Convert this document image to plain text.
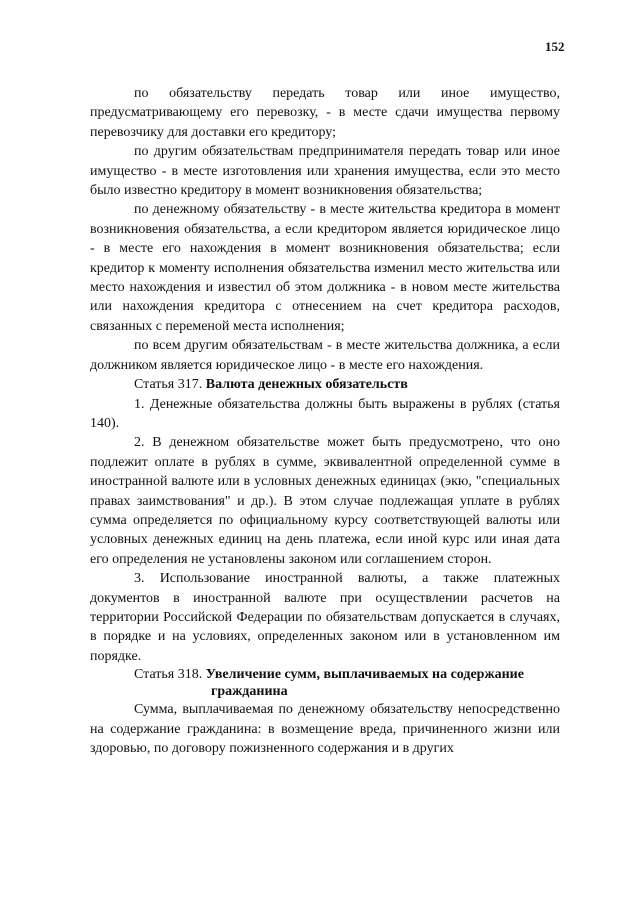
152

по обязательству передать товар или иное имущество, предусматривающему его перевозку, - в месте сдачи имущества первому перевозчику для доставки его кредитору;

по другим обязательствам предпринимателя передать товар или иное имущество - в месте изготовления или хранения имущества, если это место было известно кредитору в момент возникновения обязательства;

по денежному обязательству - в месте жительства кредитора в момент возникновения обязательства, а если кредитором является юридическое лицо - в месте его нахождения в момент возникновения обязательства; если кредитор к моменту исполнения обязательства изменил место жительства или место нахождения и известил об этом должника - в новом месте жительства или нахождения кредитора с отнесением на счет кредитора расходов, связанных с переменой места исполнения;

по всем другим обязательствам - в месте жительства должника, а если должником является юридическое лицо - в месте его нахождения.

Статья 317. Валюта денежных обязательств

1. Денежные обязательства должны быть выражены в рублях (статья 140).

2. В денежном обязательстве может быть предусмотрено, что оно подлежит оплате в рублях в сумме, эквивалентной определенной сумме в иностранной валюте или в условных денежных единицах (экю, "специальных правах заимствования" и др.). В этом случае подлежащая уплате в рублях сумма определяется по официальному курсу соответствующей валюты или условных денежных единиц на день платежа, если иной курс или иная дата его определения не установлены законом или соглашением сторон.

3. Использование иностранной валюты, а также платежных документов в иностранной валюте при осуществлении расчетов на территории Российской Федерации по обязательствам допускается в случаях, в порядке и на условиях, определенных законом или в установленном им порядке.

Статья 318. Увеличение сумм, выплачиваемых на содержание
гражданина

Сумма, выплачиваемая по денежному обязательству непосредственно на содержание гражданина: в возмещение вреда, причиненного жизни или здоровью, по договору пожизненного содержания и в других
